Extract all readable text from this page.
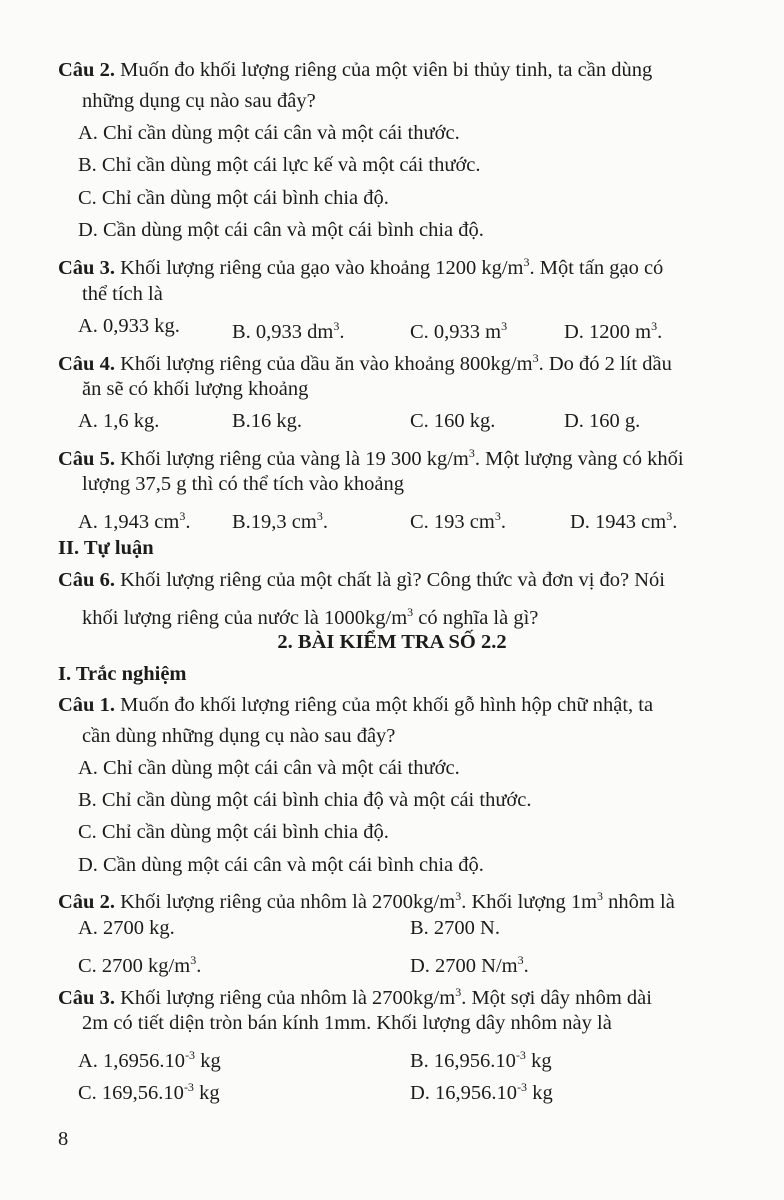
Câu 2. Muốn đo khối lượng riêng của một viên bi thủy tinh, ta cần dùng
những dụng cụ nào sau đây?
A. Chỉ cần dùng một cái cân và một cái thước.
B. Chỉ cần dùng một cái lực kế và một cái thước.
C. Chỉ cần dùng một cái bình chia độ.
D. Cần dùng một cái cân và một cái bình chia độ.
Câu 3. Khối lượng riêng của gạo vào khoảng 1200 $kg/m^3$. Một tấn gạo có
thể tích là
A. 0,933 kg.	B. 0,933 $dm^3$.	C. 0,933 $m^3$	D. 1200 $m^3$.
Câu 4. Khối lượng riêng của dầu ăn vào khoảng $800kg/m^3$. Do đó 2 lít dầu
ăn sẽ có khối lượng khoảng
A. 1,6 kg.	B.16 kg.	C. 160 kg.	D. 160 g.
Câu 5. Khối lượng riêng của vàng là 19 300 $kg/m^3$. Một lượng vàng có khối
lượng 37,5 g thì có thể tích vào khoảng
A. 1,943 $cm^3$. B.19,3 $cm^3$.	C. 193 $cm^3$.	D. 1943 $cm^3$.
II. Tự luận
Câu 6. Khối lượng riêng của một chất là gì? Công thức và đơn vị đo? Nói
khối lượng riêng của nước là $1000kg/m^3$ có nghĩa là gì?
2. BÀI KIỂM TRA SỐ 2.2
I. Trắc nghiệm
Câu 1. Muốn đo khối lượng riêng của một khối gỗ hình hộp chữ nhật, ta
cần dùng những dụng cụ nào sau đây?
A. Chỉ cần dùng một cái cân và một cái thước.
B. Chỉ cần dùng một cái bình chia độ và một cái thước.
C. Chỉ cần dùng một cái bình chia độ.
D. Cần dùng một cái cân và một cái bình chia độ.
Câu 2. Khối lượng riêng của nhôm là $2700kg/m^3$. Khối lượng $1m^3$ nhôm là
A. 2700 kg.	B. 2700 N.
C. 2700 $kg/m^3$.	D. 2700 $N/m^3$.
Câu 3. Khối lượng riêng của nhôm là $2700kg/m^3$. Một sợi dây nhôm dài
2m có tiết diện tròn bán kính 1mm. Khối lượng dây nhôm này là
A. $1,6956.10^{-3}$ kg	B. $16,956.10^{-3}$ kg
C. $169,56.10^{-3}$ kg	D. $16,956.10^{-3}$ kg
8
